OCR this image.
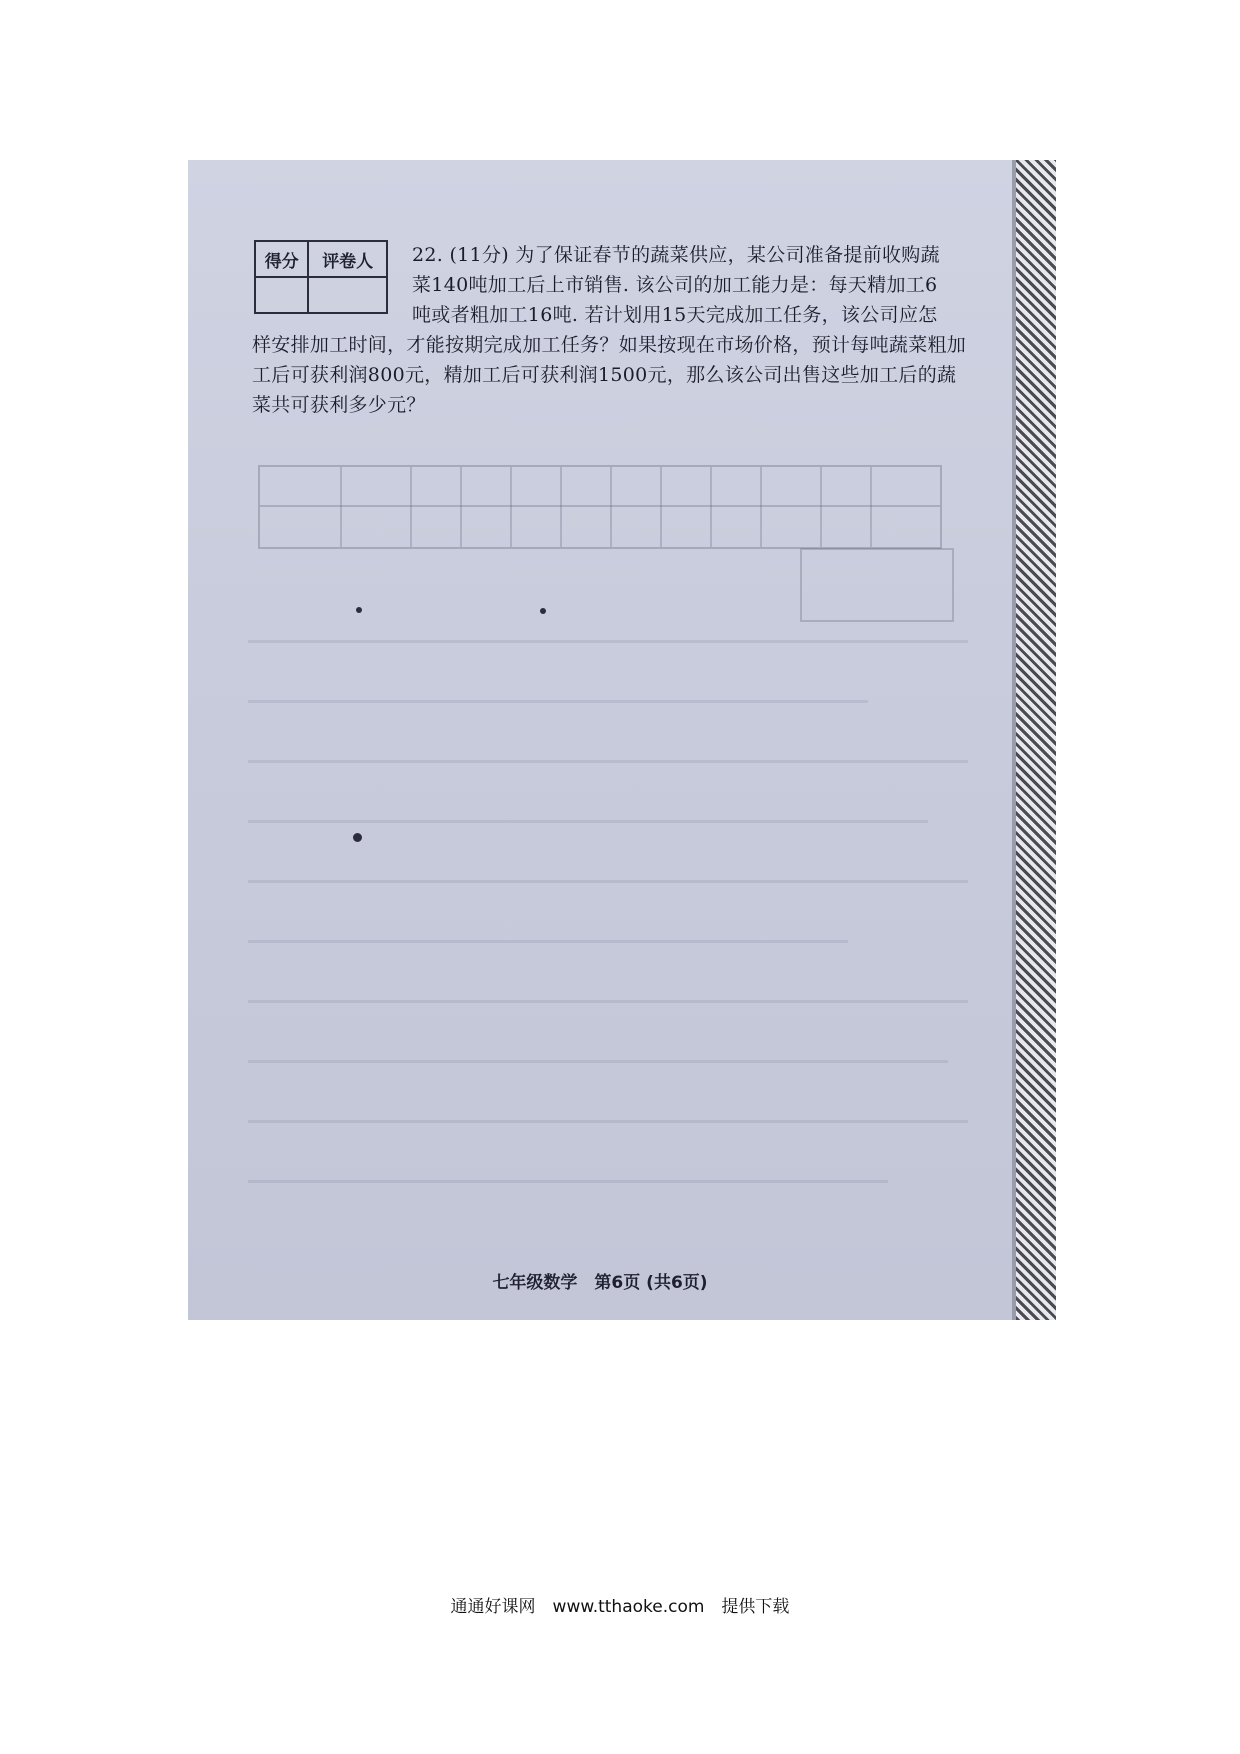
得分	评卷人
	22. (11分) 为了保证春节的蔬菜供应，某公司准备提前收购蔬
菜140吨加工后上市销售. 该公司的加工能力是：每天精加工6
吨或者粗加工16吨. 若计划用15天完成加工任务，该公司应怎
样安排加工时间，才能按期完成加工任务？如果按现在市场价格，预计每吨蔬菜粗加工后可获利润800元，精加工后可获利润1500元，那么该公司出售这些加工后的蔬菜共可获利多少元？
七年级数学　第6页 (共6页)
通通好课网　www.tthaoke.com　提供下载
